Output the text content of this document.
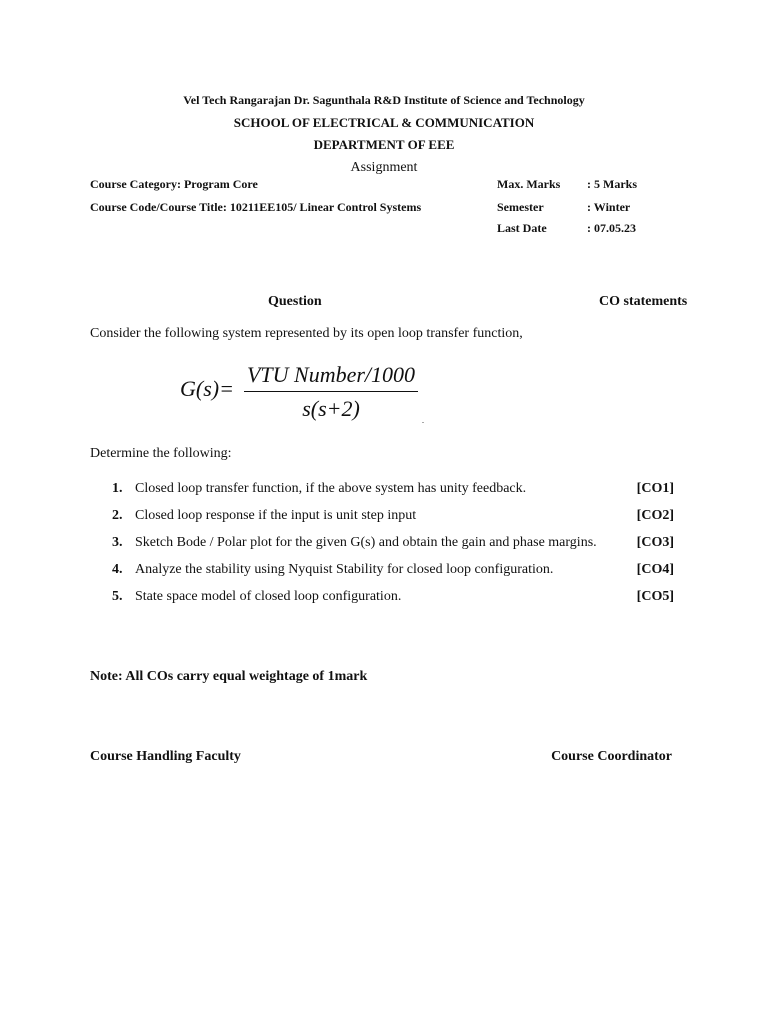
Vel Tech Rangarajan Dr. Sagunthala R&D Institute of Science and Technology
SCHOOL OF ELECTRICAL & COMMUNICATION
DEPARTMENT OF EEE
Assignment
Course Category: Program Core
Course Code/Course Title: 10211EE105/ Linear Control Systems
Max. Marks : 5 Marks
Semester	: Winter
Last Date	: 07.05.23
Question	CO statements
Consider the following system represented by its open loop transfer function,
G(s)=
VTU Number/1000
s(s+2)	.
Determine the following:
1. Closed loop transfer function, if the above system has unity feedback.	[CO1]
2. Closed loop response if the input is unit step input	[CO2]
3. Sketch Bode / Polar plot for the given G(s) and obtain the gain and phase margins.	[CO3]
4. Analyze the stability using Nyquist Stability for closed loop configuration.	[CO4]
5. State space model of closed loop configuration.	[CO5]
Note: All COs carry equal weightage of 1mark
Course Handling Faculty	Course Coordinator
